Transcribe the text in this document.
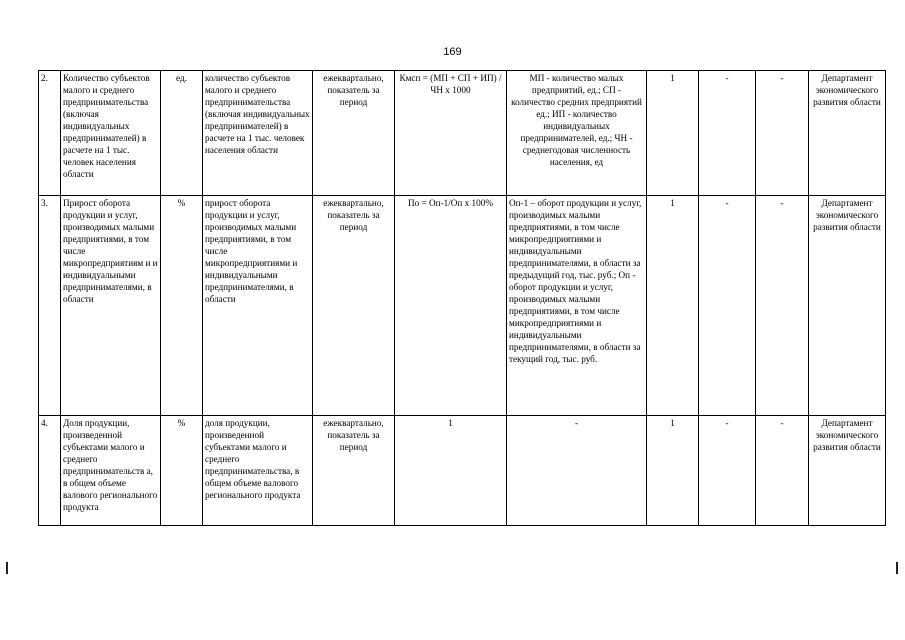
169
2.	Количество субъектов малого и среднего предпринимательства (включая индивидуальных предпринимателей) в расчете на 1 тыс. человек населения области	ед.	количество субъектов малого и среднего предпринимательства (включая индивидуальных предпринимателей) в расчете на 1 тыс. человек населения области	ежеквартально, показатель за период	Кмсп = (МП + СП + ИП) / ЧН х 1000	МП - количество малых предприятий, ед.; СП - количество средних предприятий ед.; ИП - количество индивидуальных предпринимателей, ед.; ЧН - среднегодовая численность населения, ед	1	-	-	Департамент экономического развития области
3.	Прирост оборота продукции и услуг, производимых малыми предприятиями, в том числе микропредприятиям и и индивидуальными предпринимателями, в области	%	прирост оборота продукции и услуг, производимых малыми предприятиями, в том числе микропредприятиями и индивидуальными предпринимателями, в области	ежеквартально, показатель за период	По = Оп-1/Оп х 100%	Оп-1 – оборот продукции и услуг, производимых малыми предприятиями, в том числе микропредприятиями и индивидуальными предпринимателями, в области за предыдущий год, тыс. руб.; Оп - оборот продукции и услуг, производимых малыми предприятиями, в том числе микропредприятиями и индивидуальными предпринимателями, в области за текущий год, тыс. руб.	1	-	-	Департамент экономического развития области
4.	Доля продукции, произведенной субъектами малого и среднего предпринимательств а, в общем объеме валового регионального продукта	%	доля продукции, произведенной субъектами малого и среднего предпринимательства, в общем объеме валового регионального продукта	ежеквартально, показатель за период	1	-	1	-	-	Департамент экономического развития области
